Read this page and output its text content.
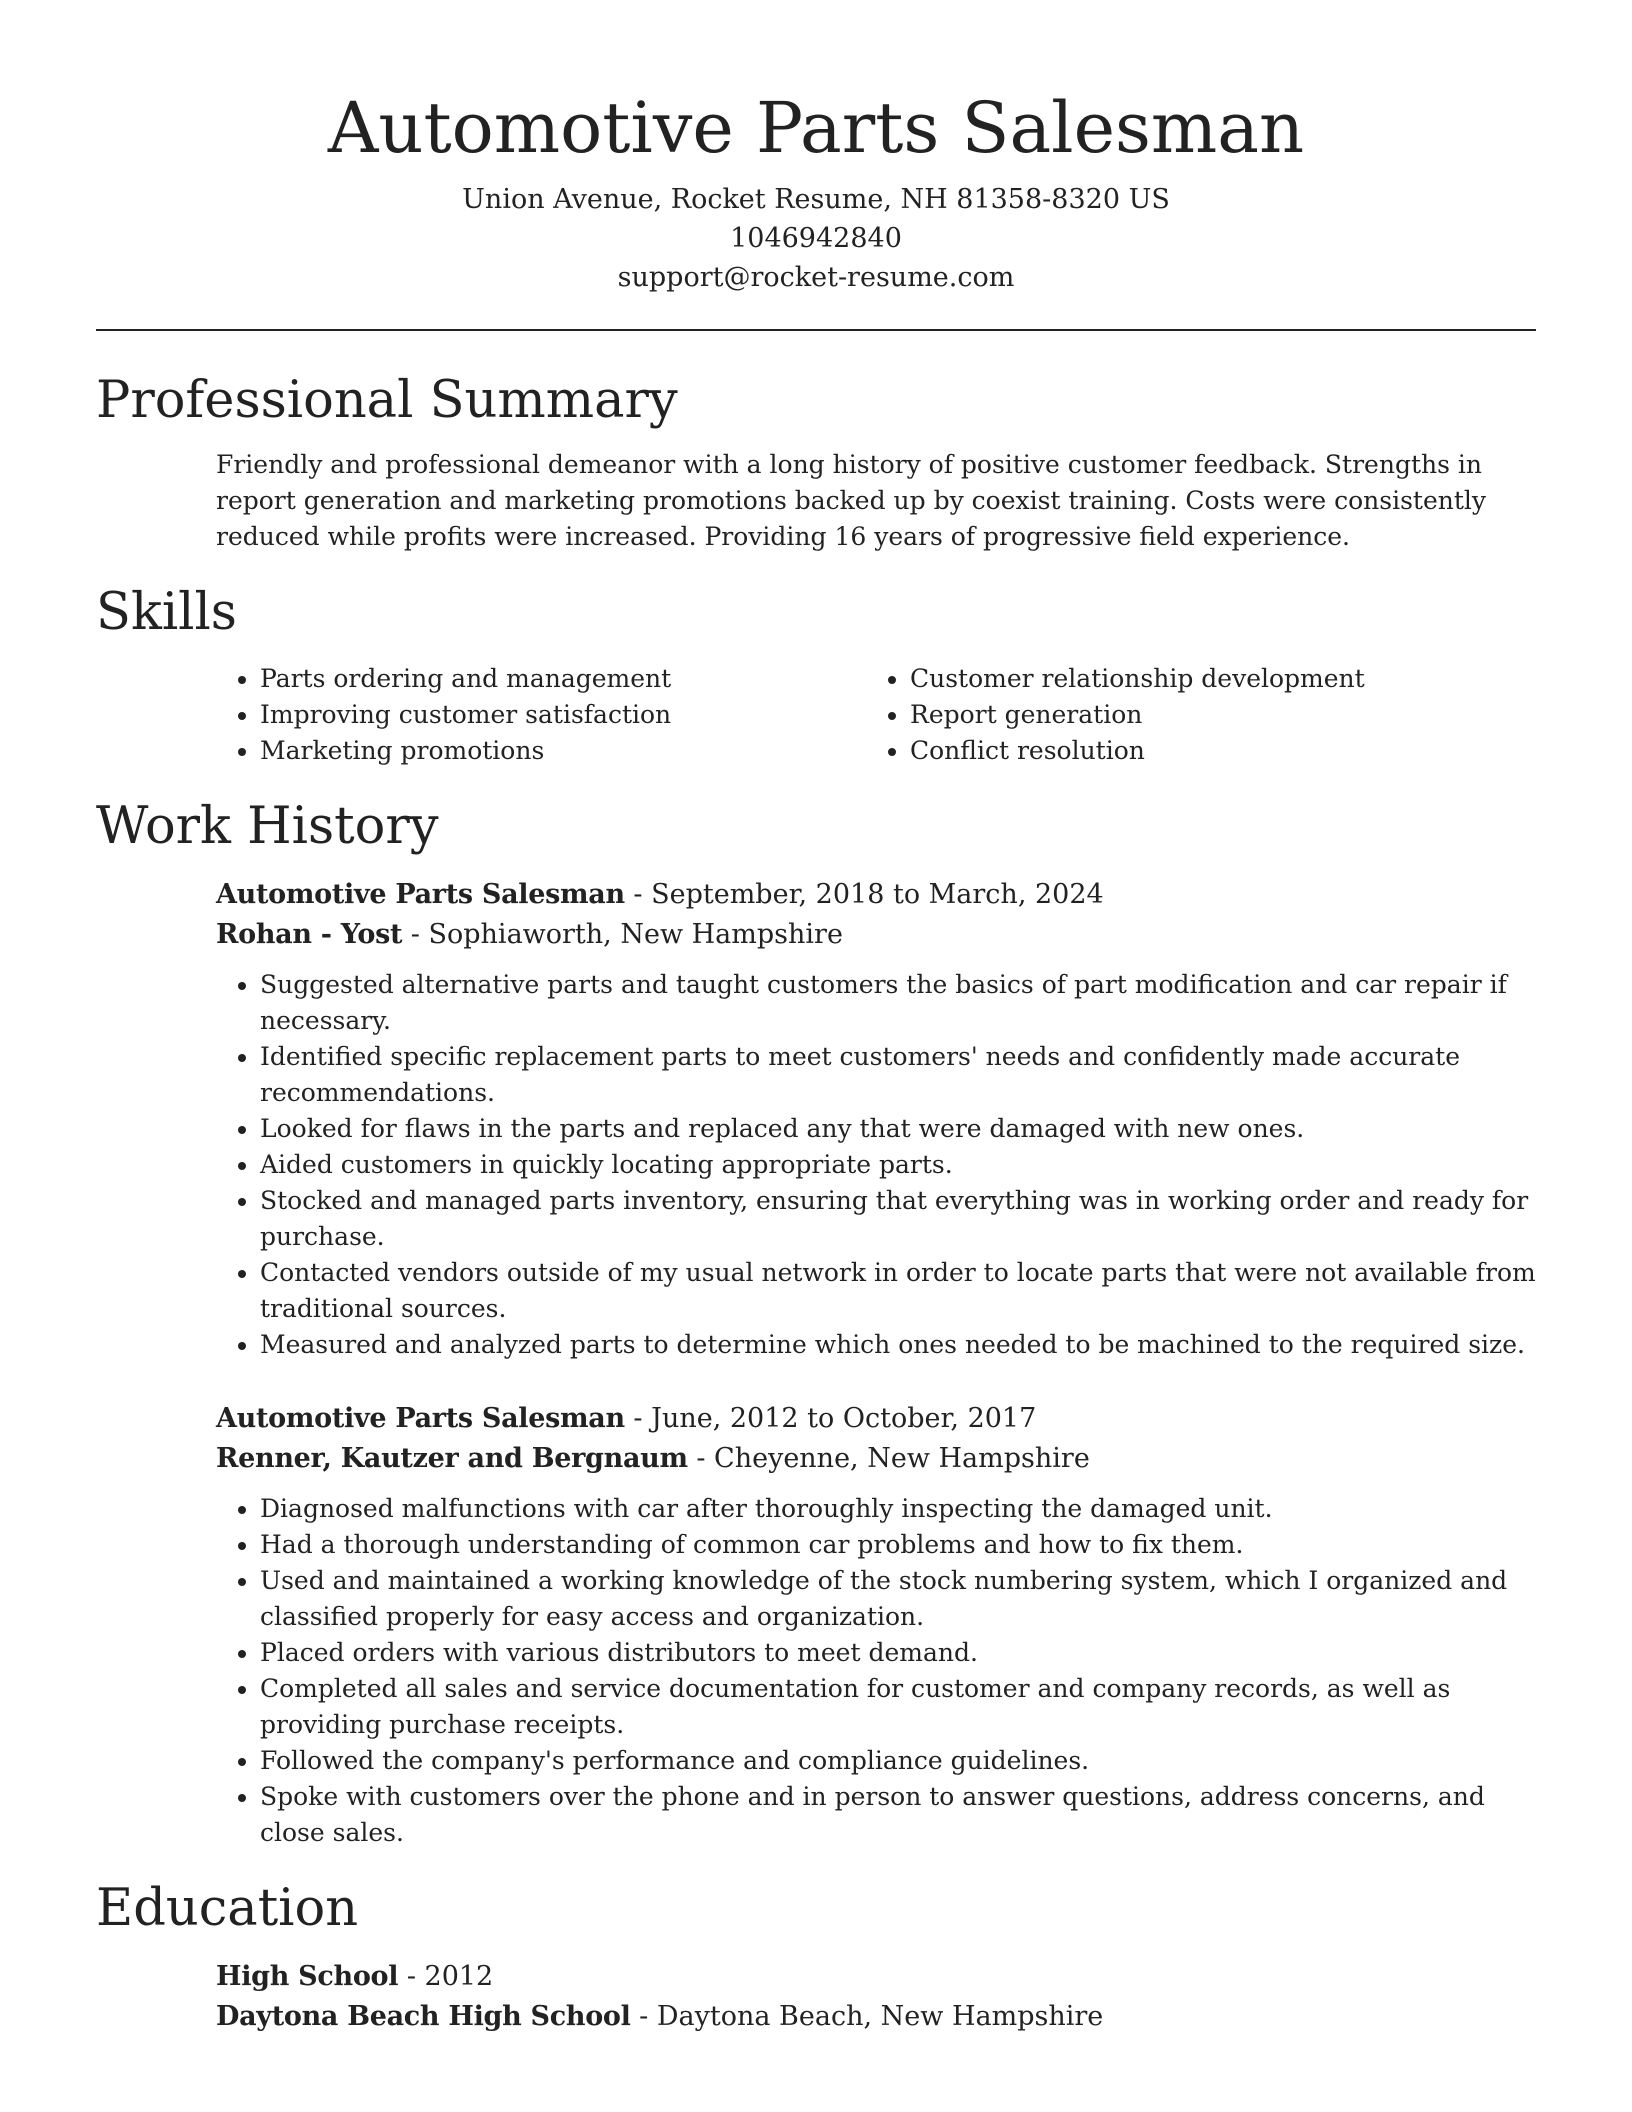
Automotive Parts Salesman
Union Avenue, Rocket Resume, NH 81358-8320 US
1046942840
support@rocket-resume.com
Professional Summary
Friendly and professional demeanor with a long history of positive customer feedback. Strengths in report generation and marketing promotions backed up by coexist training. Costs were consistently reduced while profits were increased. Providing 16 years of progressive field experience.
Skills
• Parts ordering and management
• Improving customer satisfaction
• Marketing promotions
• Customer relationship development
• Report generation
• Conflict resolution
Work History
Automotive Parts Salesman - September, 2018 to March, 2024
Rohan - Yost - Sophiaworth, New Hampshire
• Suggested alternative parts and taught customers the basics of part modification and car repair if necessary.
• Identified specific replacement parts to meet customers' needs and confidently made accurate recommendations.
• Looked for flaws in the parts and replaced any that were damaged with new ones.
• Aided customers in quickly locating appropriate parts.
• Stocked and managed parts inventory, ensuring that everything was in working order and ready for purchase.
• Contacted vendors outside of my usual network in order to locate parts that were not available from traditional sources.
• Measured and analyzed parts to determine which ones needed to be machined to the required size.
Automotive Parts Salesman - June, 2012 to October, 2017
Renner, Kautzer and Bergnaum - Cheyenne, New Hampshire
• Diagnosed malfunctions with car after thoroughly inspecting the damaged unit.
• Had a thorough understanding of common car problems and how to fix them.
• Used and maintained a working knowledge of the stock numbering system, which I organized and classified properly for easy access and organization.
• Placed orders with various distributors to meet demand.
• Completed all sales and service documentation for customer and company records, as well as providing purchase receipts.
• Followed the company's performance and compliance guidelines.
• Spoke with customers over the phone and in person to answer questions, address concerns, and close sales.
Education
High School - 2012
Daytona Beach High School - Daytona Beach, New Hampshire
